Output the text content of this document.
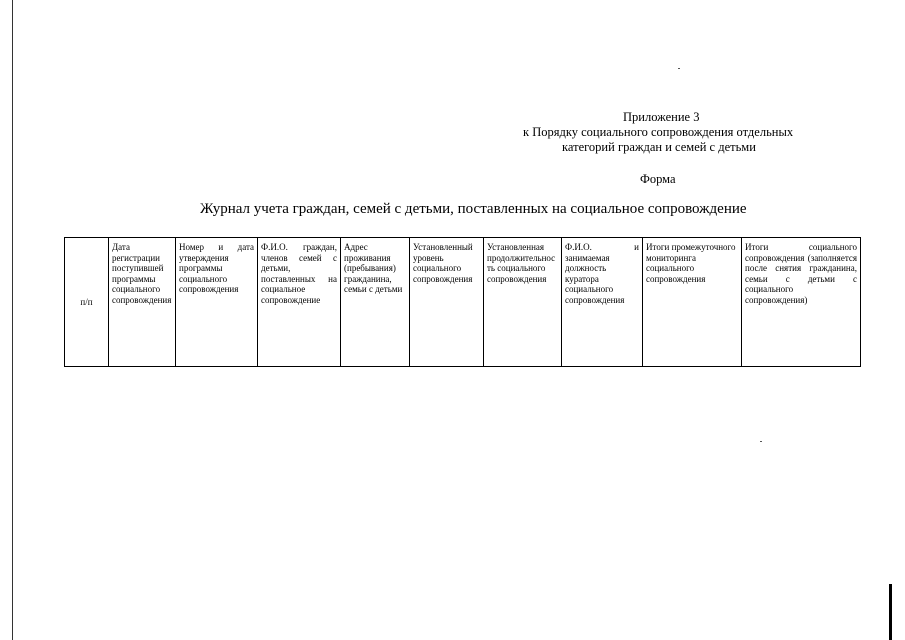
Приложение 3
к Порядку социального сопровождения отдельных
категорий граждан и семей с детьми
Форма
Журнал учета граждан, семей с детьми, поставленных на социальное сопровождение
п/п	Дата регистрации поступившей программы социального сопровождения	Номер и дата утверждения программы социального сопровождения	Ф.И.О. граждан, членов семей с детьми, поставленных на социальное сопровождение	Адрес проживания (пребывания) гражданина, семьи с детьми	Установленный уровень социального сопровождения	Установленная продолжительность социального сопровождения	Ф.И.О. и занимаемая должность куратора социального сопровождения	Итоги промежуточного мониторинга социального сопровождения	Итоги социального сопровождения (заполняется после снятия гражданина, семьи с детьми с социального сопровождения)
